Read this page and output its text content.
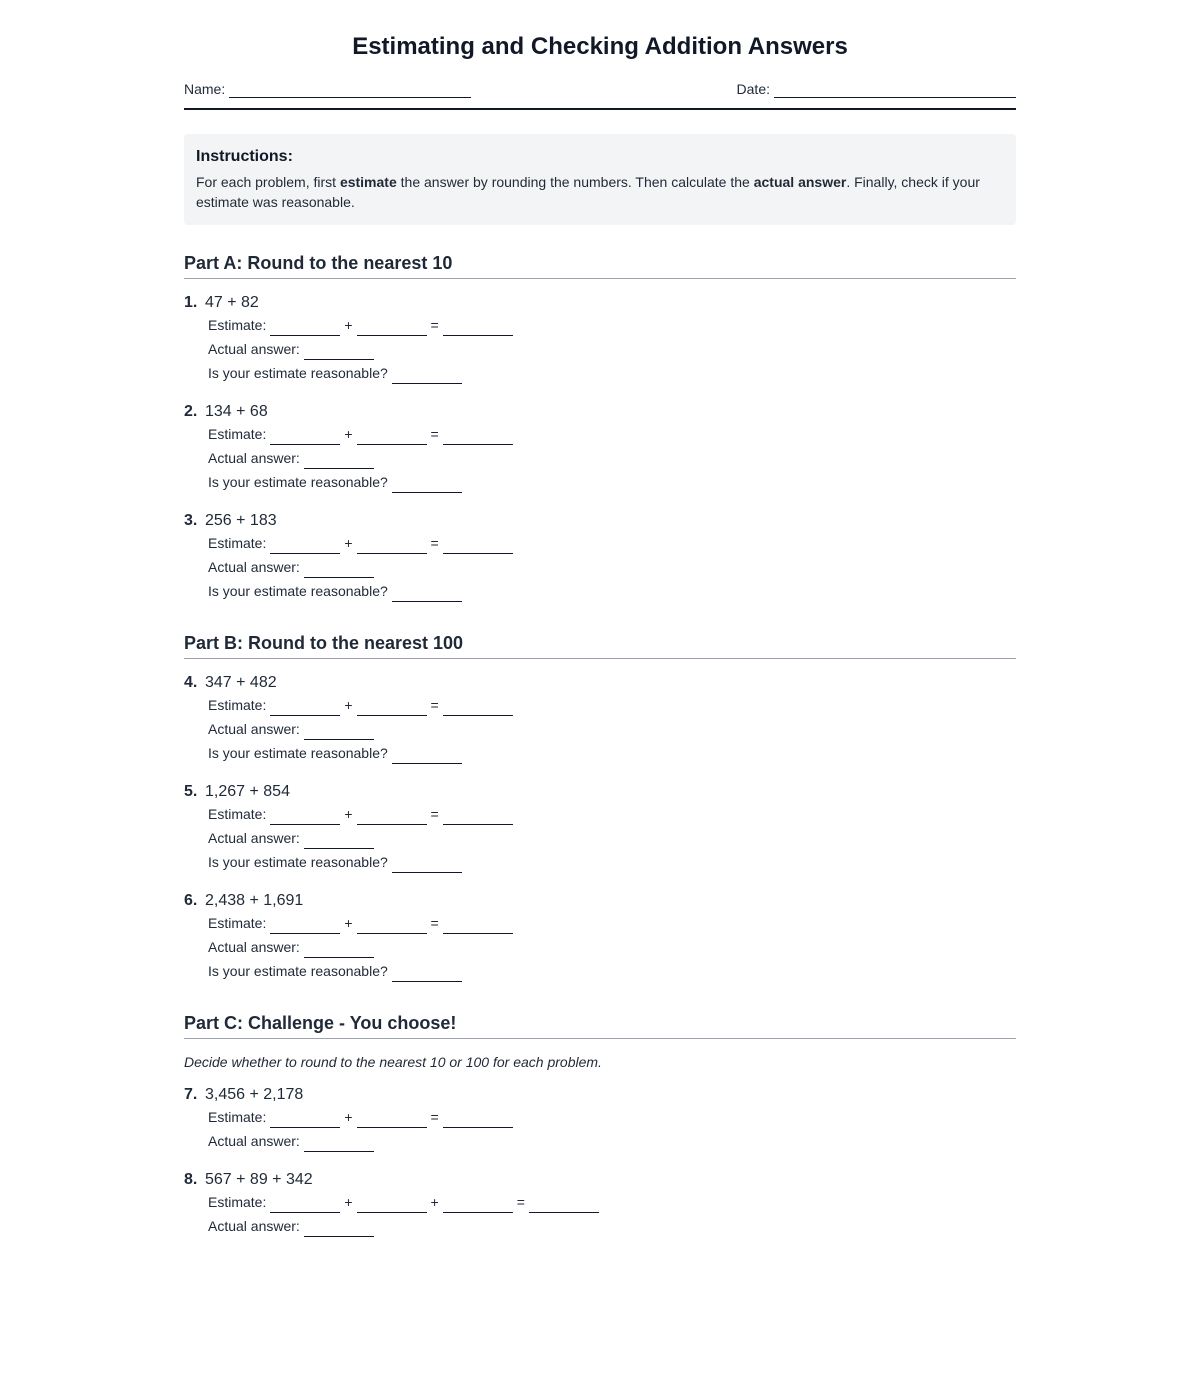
Estimating and Checking Addition Answers
Name:	Date:
Instructions:
For each problem, first estimate the answer by rounding the numbers. Then calculate the actual answer. Finally, check if your estimate was reasonable.
Part A: Round to the nearest 10
1. 47 + 82
Estimate:	+	=
Actual answer:
Is your estimate reasonable?
2. 134 + 68
Estimate:	+	=
Actual answer:
Is your estimate reasonable?
3. 256 + 183
Estimate:	+	=
Actual answer:
Is your estimate reasonable?
Part B: Round to the nearest 100
4. 347 + 482
Estimate:	+	=
Actual answer:
Is your estimate reasonable?
5. 1,267 + 854
Estimate:	+	=
Actual answer:
Is your estimate reasonable?
6. 2,438 + 1,691
Estimate:	+	=
Actual answer:
Is your estimate reasonable?
Part C: Challenge - You choose!
Decide whether to round to the nearest 10 or 100 for each problem.
7. 3,456 + 2,178
Estimate:	+	=
Actual answer:
8. 567 + 89 + 342
Estimate:	+	+	=
Actual answer:
